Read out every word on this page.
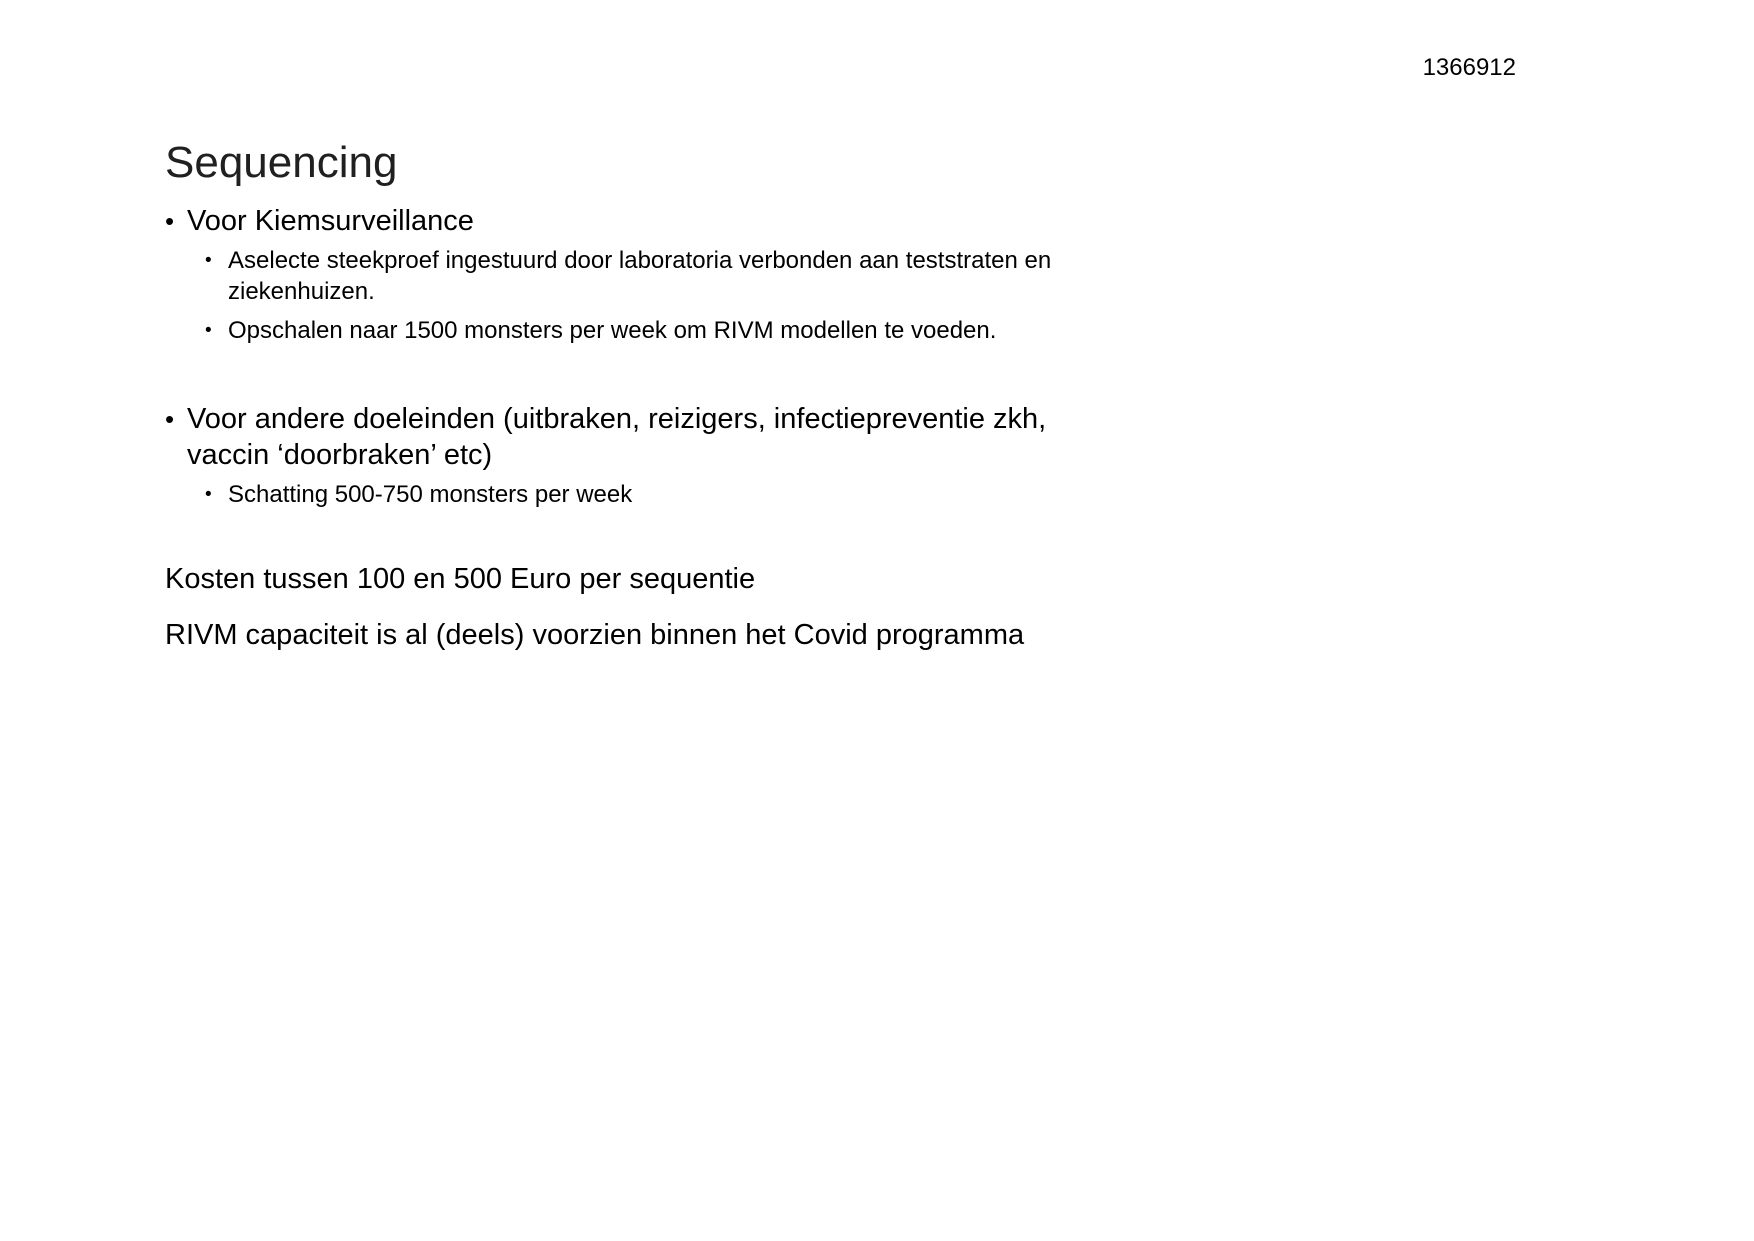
1366912
Sequencing
• Voor Kiemsurveillance
• Aselecte steekproef ingestuurd door laboratoria verbonden aan teststraten en ziekenhuizen.
• Opschalen naar 1500 monsters per week om RIVM modellen te voeden.
• Voor andere doeleinden (uitbraken, reizigers, infectiepreventie zkh, vaccin ‘doorbraken’ etc)
• Schatting 500-750 monsters per week

Kosten tussen 100 en 500 Euro per sequentie

RIVM capaciteit is al (deels) voorzien binnen het Covid programma
